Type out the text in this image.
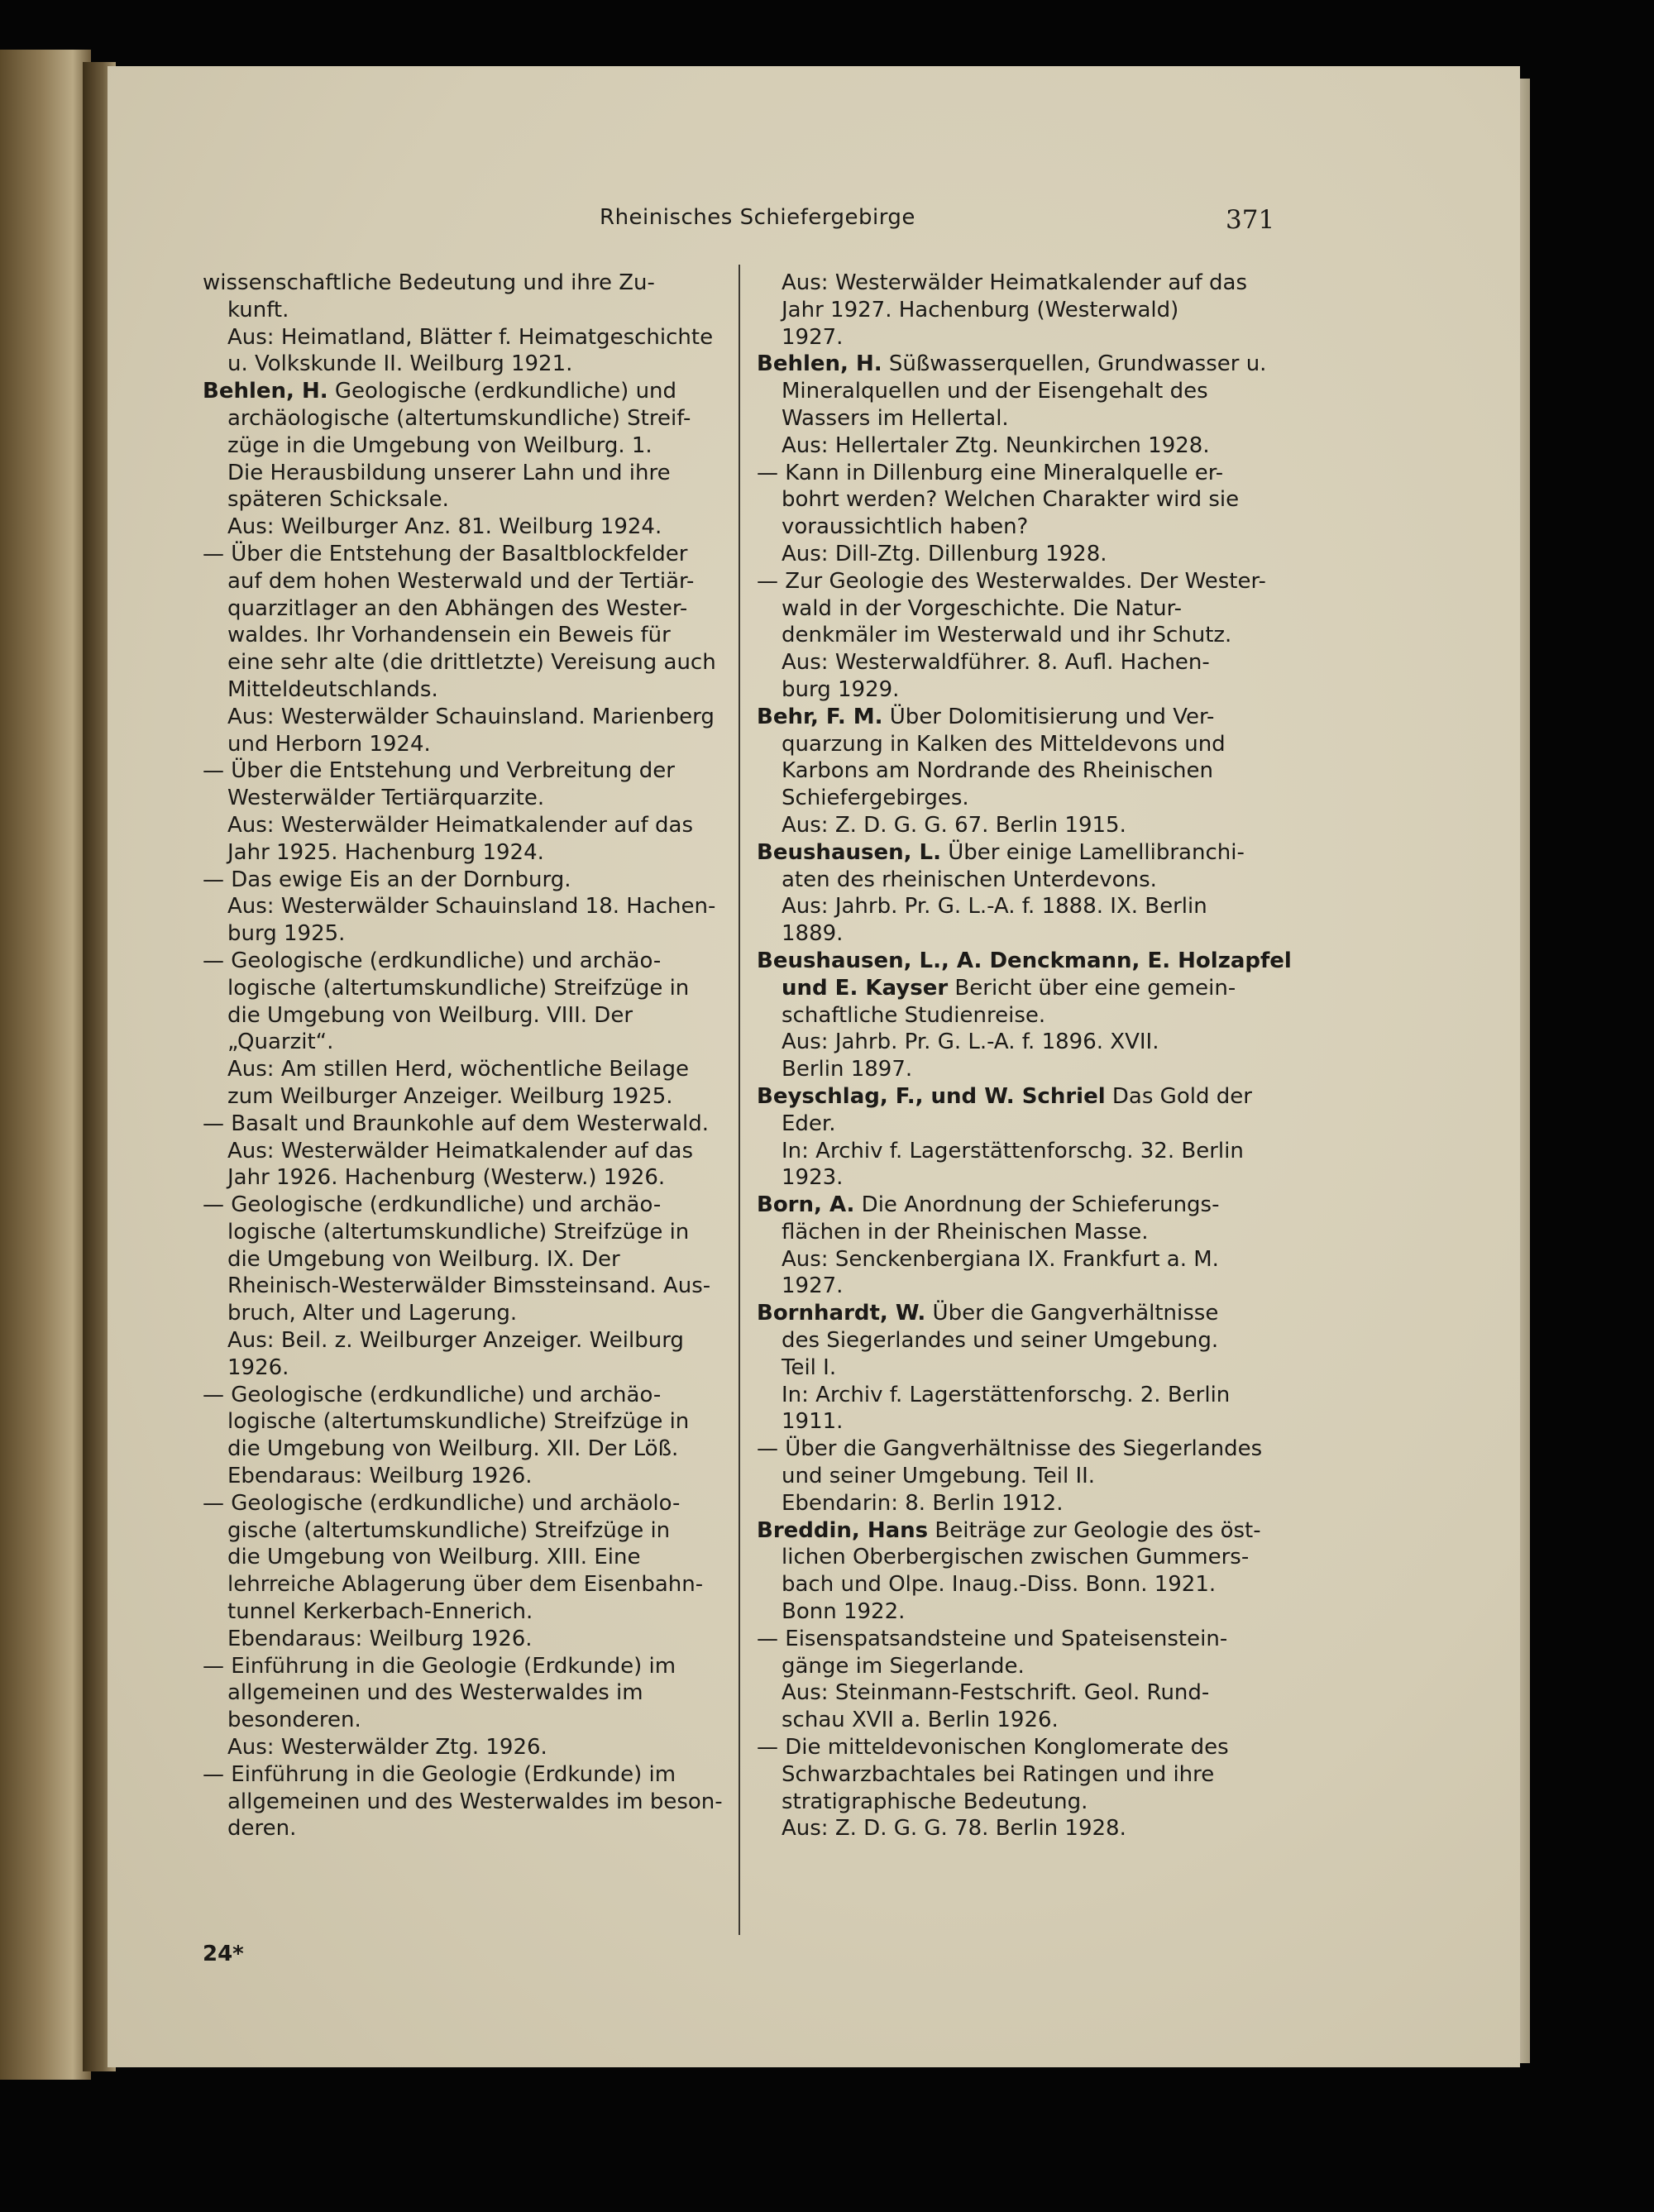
Rheinisches Schiefergebirge	371
wissenschaftliche Bedeutung und ihre Zu-
kunft.
Aus: Heimatland, Blätter f. Heimatgeschichte
u. Volkskunde II. Weilburg 1921.
Behlen, H. Geologische (erdkundliche) und
archäologische (altertumskundliche) Streif-
züge in die Umgebung von Weilburg. 1.
Die Herausbildung unserer Lahn und ihre
späteren Schicksale.
Aus: Weilburger Anz. 81. Weilburg 1924.
— Über die Entstehung der Basaltblockfelder
auf dem hohen Westerwald und der Tertiär-
quarzitlager an den Abhängen des Wester-
waldes. Ihr Vorhandensein ein Beweis für
eine sehr alte (die drittletzte) Vereisung auch
Mitteldeutschlands.
Aus: Westerwälder Schauinsland. Marienberg
und Herborn 1924.
— Über die Entstehung und Verbreitung der
Westerwälder Tertiärquarzite.
Aus: Westerwälder Heimatkalender auf das
Jahr 1925. Hachenburg 1924.
— Das ewige Eis an der Dornburg.
Aus: Westerwälder Schauinsland 18. Hachen-
burg 1925.
— Geologische (erdkundliche) und archäo-
logische (altertumskundliche) Streifzüge in
die Umgebung von Weilburg. VIII. Der
„Quarzit“.
Aus: Am stillen Herd, wöchentliche Beilage
zum Weilburger Anzeiger. Weilburg 1925.
— Basalt und Braunkohle auf dem Westerwald.
Aus: Westerwälder Heimatkalender auf das
Jahr 1926. Hachenburg (Westerw.) 1926.
— Geologische (erdkundliche) und archäo-
logische (altertumskundliche) Streifzüge in
die Umgebung von Weilburg. IX. Der
Rheinisch-Westerwälder Bimssteinsand. Aus-
bruch, Alter und Lagerung.
Aus: Beil. z. Weilburger Anzeiger. Weilburg
1926.
— Geologische (erdkundliche) und archäo-
logische (altertumskundliche) Streifzüge in
die Umgebung von Weilburg. XII. Der Löß.
Ebendaraus: Weilburg 1926.
— Geologische (erdkundliche) und archäolo-
gische (altertumskundliche) Streifzüge in
die Umgebung von Weilburg. XIII. Eine
lehrreiche Ablagerung über dem Eisenbahn-
tunnel Kerkerbach-Ennerich.
Ebendaraus: Weilburg 1926.
— Einführung in die Geologie (Erdkunde) im
allgemeinen und des Westerwaldes im
besonderen.
Aus: Westerwälder Ztg. 1926.
— Einführung in die Geologie (Erdkunde) im
allgemeinen und des Westerwaldes im beson-
deren.
Aus: Westerwälder Heimatkalender auf das
Jahr 1927. Hachenburg (Westerwald)
1927.
Behlen, H. Süßwasserquellen, Grundwasser u.
Mineralquellen und der Eisengehalt des
Wassers im Hellertal.
Aus: Hellertaler Ztg. Neunkirchen 1928.
— Kann in Dillenburg eine Mineralquelle er-
bohrt werden? Welchen Charakter wird sie
voraussichtlich haben?
Aus: Dill-Ztg. Dillenburg 1928.
— Zur Geologie des Westerwaldes. Der Wester-
wald in der Vorgeschichte. Die Natur-
denkmäler im Westerwald und ihr Schutz.
Aus: Westerwaldführer. 8. Aufl. Hachen-
burg 1929.
Behr, F. M. Über Dolomitisierung und Ver-
quarzung in Kalken des Mitteldevons und
Karbons am Nordrande des Rheinischen
Schiefergebirges.
Aus: Z. D. G. G. 67. Berlin 1915.
Beushausen, L. Über einige Lamellibranchi-
aten des rheinischen Unterdevons.
Aus: Jahrb. Pr. G. L.-A. f. 1888. IX. Berlin
1889.
Beushausen, L., A. Denckmann, E. Holzapfel
und E. Kayser Bericht über eine gemein-
schaftliche Studienreise.
Aus: Jahrb. Pr. G. L.-A. f. 1896. XVII.
Berlin 1897.
Beyschlag, F., und W. Schriel Das Gold der
Eder.
In: Archiv f. Lagerstättenforschg. 32. Berlin
1923.
Born, A. Die Anordnung der Schieferungs-
flächen in der Rheinischen Masse.
Aus: Senckenbergiana IX. Frankfurt a. M.
1927.
Bornhardt, W. Über die Gangverhältnisse
des Siegerlandes und seiner Umgebung.
Teil I.
In: Archiv f. Lagerstättenforschg. 2. Berlin
1911.
— Über die Gangverhältnisse des Siegerlandes
und seiner Umgebung. Teil II.
Ebendarin: 8. Berlin 1912.
Breddin, Hans Beiträge zur Geologie des öst-
lichen Oberbergischen zwischen Gummers-
bach und Olpe. Inaug.-Diss. Bonn. 1921.
Bonn 1922.
— Eisenspatsandsteine und Spateisenstein-
gänge im Siegerlande.
Aus: Steinmann-Festschrift. Geol. Rund-
schau XVII a. Berlin 1926.
— Die mitteldevonischen Konglomerate des
Schwarzbachtales bei Ratingen und ihre
stratigraphische Bedeutung.
Aus: Z. D. G. G. 78. Berlin 1928.
24*
